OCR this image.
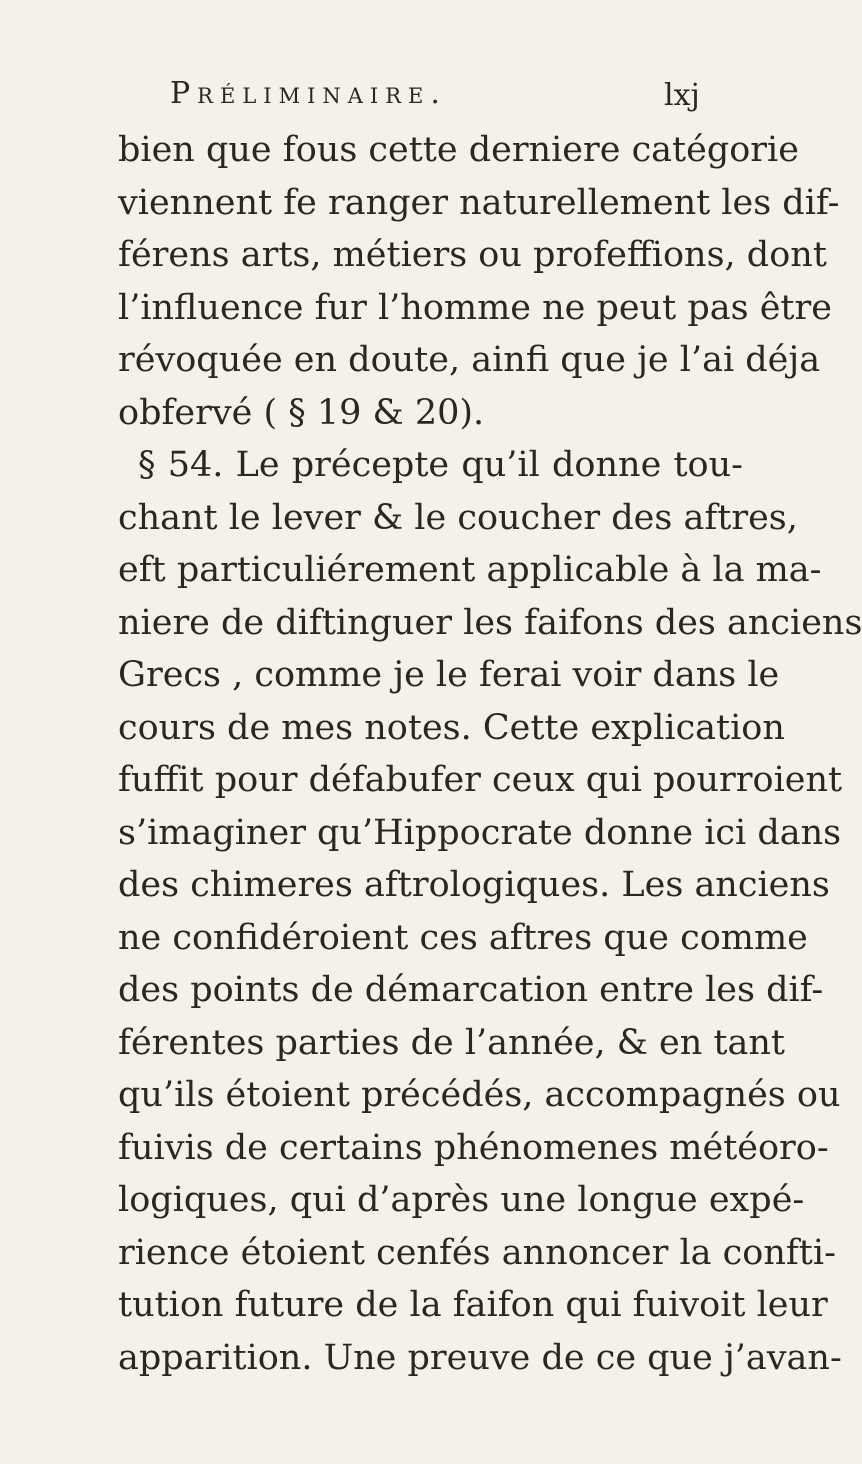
Préliminaire.	lxj
bien que fous cette derniere catégorie
viennent fe ranger naturellement les dif-
férens arts, métiers ou profeffions, dont
l’influence fur l’homme ne peut pas être
révoquée en doute, ainfi que je l’ai déja
obfervé ( § 19 & 20).
§ 54. Le précepte qu’il donne tou-
chant le lever & le coucher des aftres,
eft particuliérement applicable à la ma-
niere de diftinguer les faifons des anciens
Grecs , comme je le ferai voir dans le
cours de mes notes. Cette explication
fuffit pour défabufer ceux qui pourroient
s’imaginer qu’Hippocrate donne ici dans
des chimeres aftrologiques. Les anciens
ne confidéroient ces aftres que comme
des points de démarcation entre les dif-
férentes parties de l’année, & en tant
qu’ils étoient précédés, accompagnés ou
fuivis de certains phénomenes météoro-
logiques, qui d’après une longue expé-
rience étoient cenfés annoncer la confti-
tution future de la faifon qui fuivoit leur
apparition. Une preuve de ce que j’avan-
